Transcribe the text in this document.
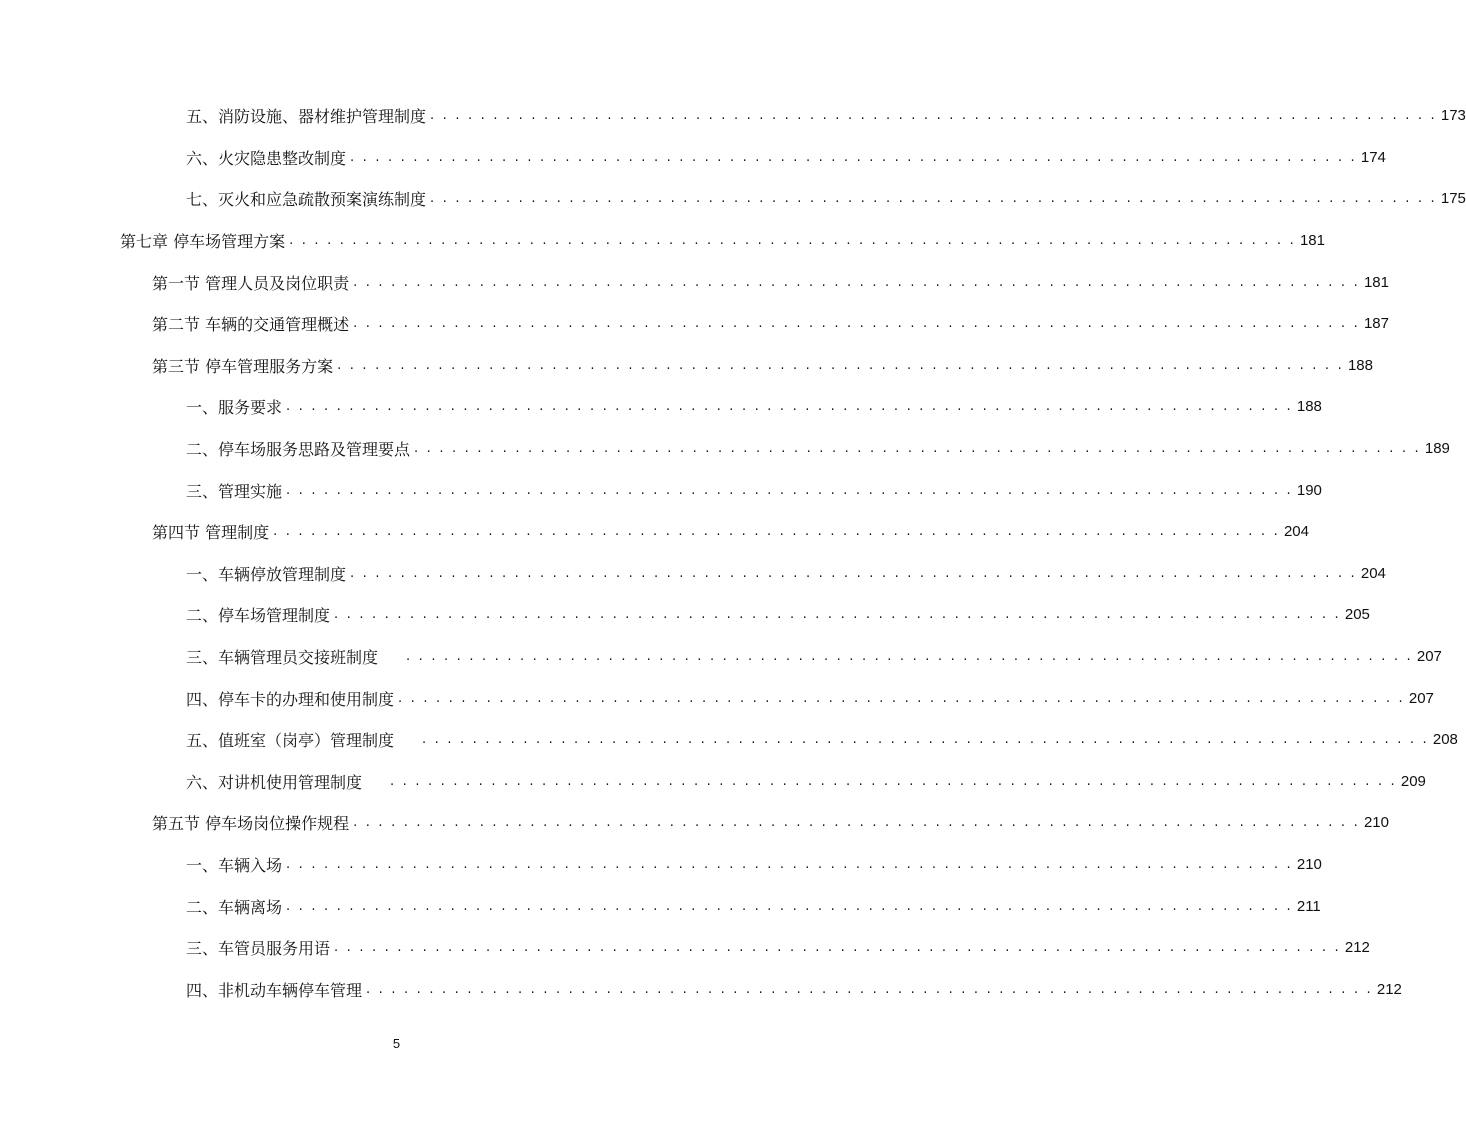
五、消防设施、器材维护管理制度 . . . . . . . . . . . . . . . . . . . . . . . . . . . . . . . . . . . . . . . . . . . . . . . . . . . . . . . . . . . . . . . . . . . . . . . . . . . . . . . . 173
六、火灾隐患整改制度 . . . . . . . . . . . . . . . . . . . . . . . . . . . . . . . . . . . . . . . . . . . . . . . . . . . . . . . . . . . . . . . . . . . . . . . . . . . . . . . . 174
七、灭火和应急疏散预案演练制度 . . . . . . . . . . . . . . . . . . . . . . . . . . . . . . . . . . . . . . . . . . . . . . . . . . . . . . . . . . . . . . . . . . . . . . . . . . . . . . . . 175
第七章 停车场管理方案 . . . . . . . . . . . . . . . . . . . . . . . . . . . . . . . . . . . . . . . . . . . . . . . . . . . . . . . . . . . . . . . . . . . . . . . . . . . . . . . . 181
第一节 管理人员及岗位职责 . . . . . . . . . . . . . . . . . . . . . . . . . . . . . . . . . . . . . . . . . . . . . . . . . . . . . . . . . . . . . . . . . . . . . . . . . . . . . . . . 181
第二节 车辆的交通管理概述 . . . . . . . . . . . . . . . . . . . . . . . . . . . . . . . . . . . . . . . . . . . . . . . . . . . . . . . . . . . . . . . . . . . . . . . . . . . . . . . . 187
第三节 停车管理服务方案 . . . . . . . . . . . . . . . . . . . . . . . . . . . . . . . . . . . . . . . . . . . . . . . . . . . . . . . . . . . . . . . . . . . . . . . . . . . . . . . . 188
一、服务要求 . . . . . . . . . . . . . . . . . . . . . . . . . . . . . . . . . . . . . . . . . . . . . . . . . . . . . . . . . . . . . . . . . . . . . . . . . . . . . . . . 188
二、停车场服务思路及管理要点 . . . . . . . . . . . . . . . . . . . . . . . . . . . . . . . . . . . . . . . . . . . . . . . . . . . . . . . . . . . . . . . . . . . . . . . . . . . . . . . . 189
三、管理实施 . . . . . . . . . . . . . . . . . . . . . . . . . . . . . . . . . . . . . . . . . . . . . . . . . . . . . . . . . . . . . . . . . . . . . . . . . . . . . . . . 190
第四节 管理制度 . . . . . . . . . . . . . . . . . . . . . . . . . . . . . . . . . . . . . . . . . . . . . . . . . . . . . . . . . . . . . . . . . . . . . . . . . . . . . . . . 204
一、车辆停放管理制度 . . . . . . . . . . . . . . . . . . . . . . . . . . . . . . . . . . . . . . . . . . . . . . . . . . . . . . . . . . . . . . . . . . . . . . . . . . . . . . . . 204
二、停车场管理制度 . . . . . . . . . . . . . . . . . . . . . . . . . . . . . . . . . . . . . . . . . . . . . . . . . . . . . . . . . . . . . . . . . . . . . . . . . . . . . . . . 205
三、车辆管理员交接班制度 . . . . . . . . . . . . . . . . . . . . . . . . . . . . . . . . . . . . . . . . . . . . . . . . . . . . . . . . . . . . . . . . . . . . . . . . . . . . . . . . 207
四、停车卡的办理和使用制度 . . . . . . . . . . . . . . . . . . . . . . . . . . . . . . . . . . . . . . . . . . . . . . . . . . . . . . . . . . . . . . . . . . . . . . . . . . . . . . . . 207
五、值班室（岗亭）管理制度 . . . . . . . . . . . . . . . . . . . . . . . . . . . . . . . . . . . . . . . . . . . . . . . . . . . . . . . . . . . . . . . . . . . . . . . . . . . . . . . . 208
六、对讲机使用管理制度 . . . . . . . . . . . . . . . . . . . . . . . . . . . . . . . . . . . . . . . . . . . . . . . . . . . . . . . . . . . . . . . . . . . . . . . . . . . . . . . . 209
第五节 停车场岗位操作规程 . . . . . . . . . . . . . . . . . . . . . . . . . . . . . . . . . . . . . . . . . . . . . . . . . . . . . . . . . . . . . . . . . . . . . . . . . . . . . . . . 210
一、车辆入场 . . . . . . . . . . . . . . . . . . . . . . . . . . . . . . . . . . . . . . . . . . . . . . . . . . . . . . . . . . . . . . . . . . . . . . . . . . . . . . . . 210
二、车辆离场 . . . . . . . . . . . . . . . . . . . . . . . . . . . . . . . . . . . . . . . . . . . . . . . . . . . . . . . . . . . . . . . . . . . . . . . . . . . . . . . . 211
三、车管员服务用语 . . . . . . . . . . . . . . . . . . . . . . . . . . . . . . . . . . . . . . . . . . . . . . . . . . . . . . . . . . . . . . . . . . . . . . . . . . . . . . . . 212
四、非机动车辆停车管理 . . . . . . . . . . . . . . . . . . . . . . . . . . . . . . . . . . . . . . . . . . . . . . . . . . . . . . . . . . . . . . . . . . . . . . . . . . . . . . . . 212
5
